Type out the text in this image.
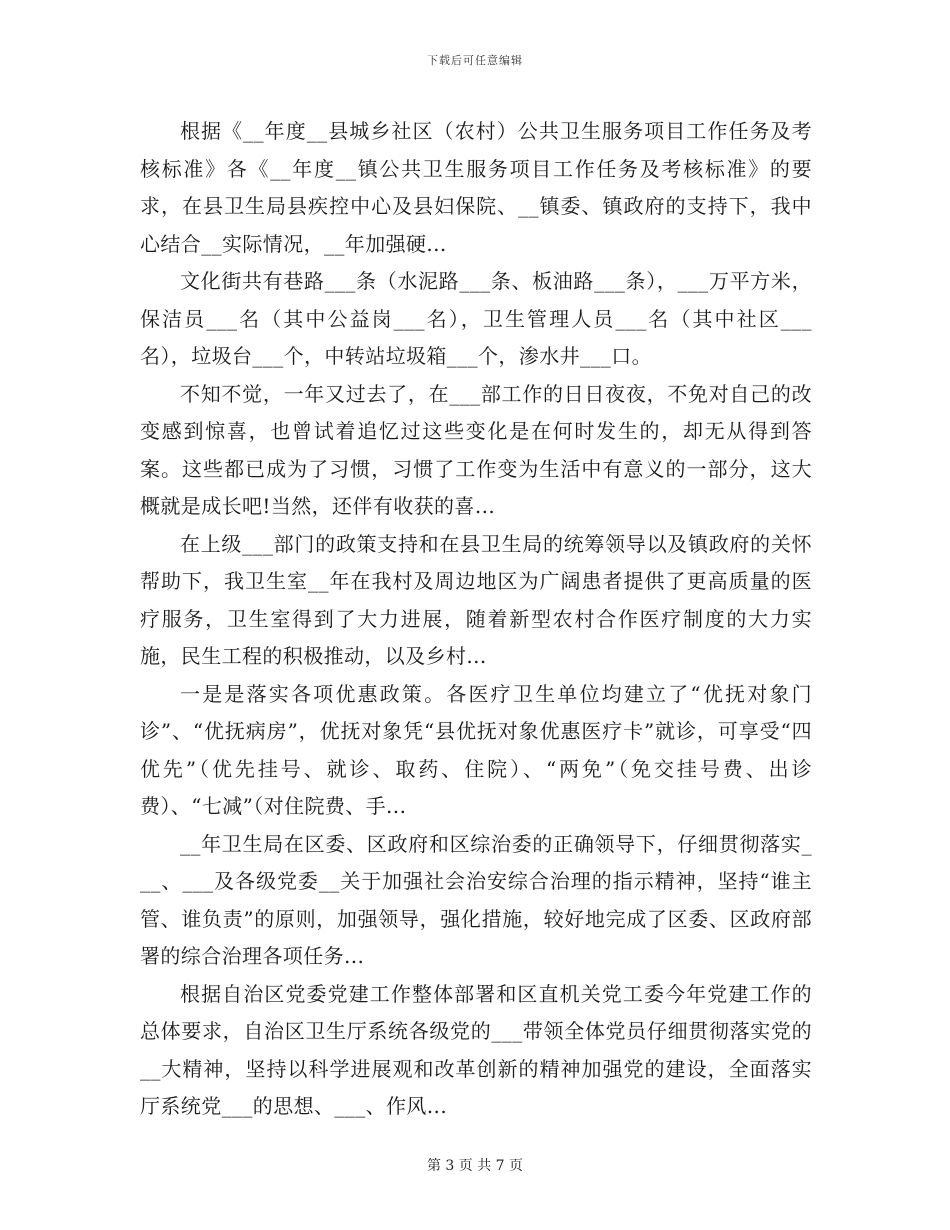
下载后可任意编辑

根据《__年度__县城乡社区（农村）公共卫生服务项目工作任务及考核标准》各《__年度__镇公共卫生服务项目工作任务及考核标准》的要求，在县卫生局县疾控中心及县妇保院、__镇委、镇政府的支持下，我中心结合__实际情况，__年加强硬...

文化街共有巷路___条（水泥路___条、板油路___条），___万平方米，保洁员___名（其中公益岗___名），卫生管理人员___名（其中社区___名），垃圾台___个，中转站垃圾箱___个，渗水井___口。

不知不觉，一年又过去了，在___部工作的日日夜夜，不免对自己的改变感到惊喜，也曾试着追忆过这些变化是在何时发生的，却无从得到答案。这些都已成为了习惯，习惯了工作变为生活中有意义的一部分，这大概就是成长吧!当然，还伴有收获的喜...

在上级___部门的政策支持和在县卫生局的统筹领导以及镇政府的关怀帮助下，我卫生室__年在我村及周边地区为广阔患者提供了更高质量的医疗服务，卫生室得到了大力进展，随着新型农村合作医疗制度的大力实施，民生工程的积极推动，以及乡村...

一是是落实各项优惠政策。各医疗卫生单位均建立了“优抚对象门诊”、“优抚病房”，优抚对象凭“县优抚对象优惠医疗卡”就诊，可享受“四优先”（优先挂号、就诊、取药、住院）、“两免”（免交挂号费、出诊费）、“七减”（对住院费、手...

__年卫生局在区委、区政府和区综治委的正确领导下，仔细贯彻落实___、___及各级党委__关于加强社会治安综合治理的指示精神，坚持“谁主管、谁负责”的原则，加强领导，强化措施，较好地完成了区委、区政府部署的综合治理各项任务...

根据自治区党委党建工作整体部署和区直机关党工委今年党建工作的总体要求，自治区卫生厅系统各级党的___带领全体党员仔细贯彻落实党的__大精神，坚持以科学进展观和改革创新的精神加强党的建设，全面落实厅系统党___的思想、___、作风...

第 3 页 共 7 页
